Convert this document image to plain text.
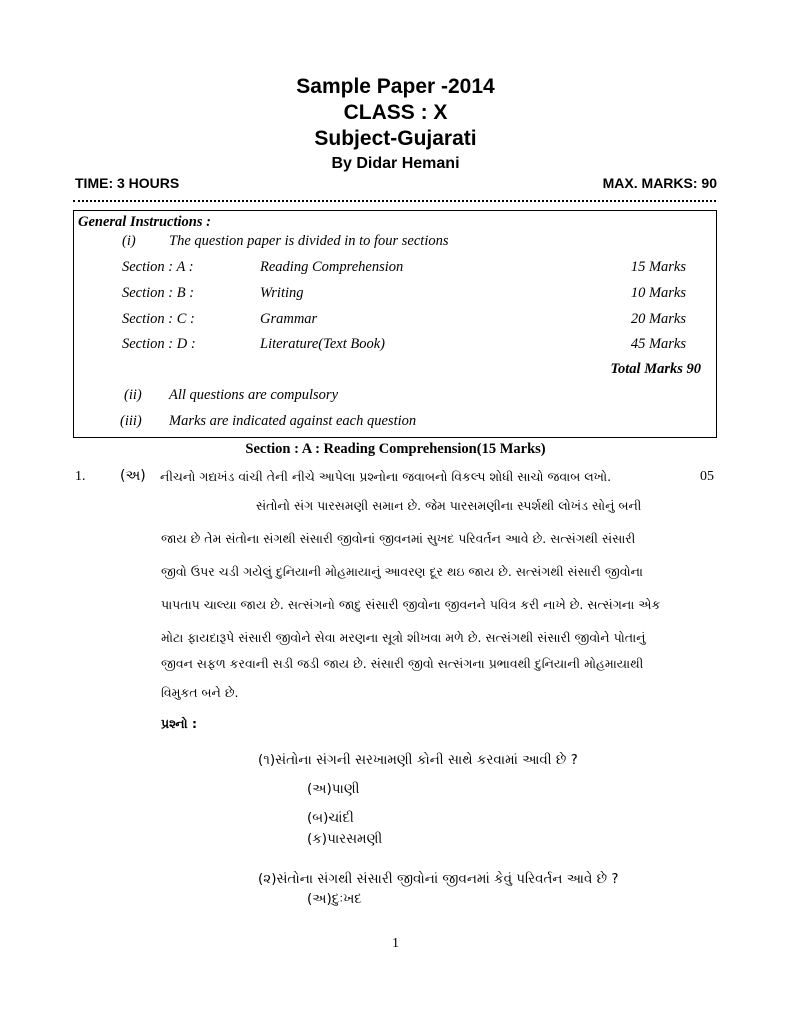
Sample Paper -2014
CLASS : X
Subject-Gujarati
By Didar Hemani
TIME: 3 HOURS	MAX. MARKS: 90
General Instructions :
(i) The question paper is divided in to four sections
Section : A :	Reading Comprehension	15 Marks
Section : B :	Writing	10 Marks
Section : C :	Grammar	20 Marks
Section : D :	Literature(Text Book)	45 Marks
Total Marks 90
(ii) All questions are compulsory
(iii) Marks are indicated against each question
Section : A : Reading Comprehension(15 Marks)
1. (અ) નીચનો ગદ્યખંડ વાંચી તેની નીચે આપેલા પ્રશ્નોના જવાબનો વિકલ્પ શોધી સાચો જવાબ લખો.	05
સંતોનો સંગ પારસમણી સમાન છે. જેમ પારસમણીના સ્પર્શથી લોખંડ સોનું બની
જાય છે તેમ સંતોના સંગથી સંસારી જીવોનાં જીવનમાં સુખદ પરિવર્તન આવે છે. સત્સંગથી સંસારી
જીવો ઉપર ચડી ગયેલું દુનિયાની મોહમાયાનું આવરણ દૂર થઇ જાય છે. સત્સંગથી સંસારી જીવોના
પાપતાપ ચાલ્યા જાય છે. સત્સંગનો જાદુ સંસારી જીવોના જીવનને પવિત્ર કરી નાખે છે. સત્સંગના એક
મોટા ફાયદારૂપે સંસારી જીવોને સેવા મરણના સૂત્રો શીખવા મળે છે. સત્સંગથી સંસારી જીવોને પોતાનું
જીવન સફળ કરવાની સડી જડી જાય છે. સંસારી જીવો સત્સંગના પ્રભાવથી દુનિયાની મોહમાયાથી
વિમુકત બને છે.
પ્રશ્નો :
(૧)સંતોના સંગની સરખામણી કોની સાથે કરવામાં આવી છે ?
(અ)પાણી
(બ)ચાંદી
(ક)પારસમણી
(૨)સંતોના સંગથી સંસારી જીવોનાં જીવનમાં કેવું પરિવર્તન આવે છે ?
(અ)દુઃખદ
1
